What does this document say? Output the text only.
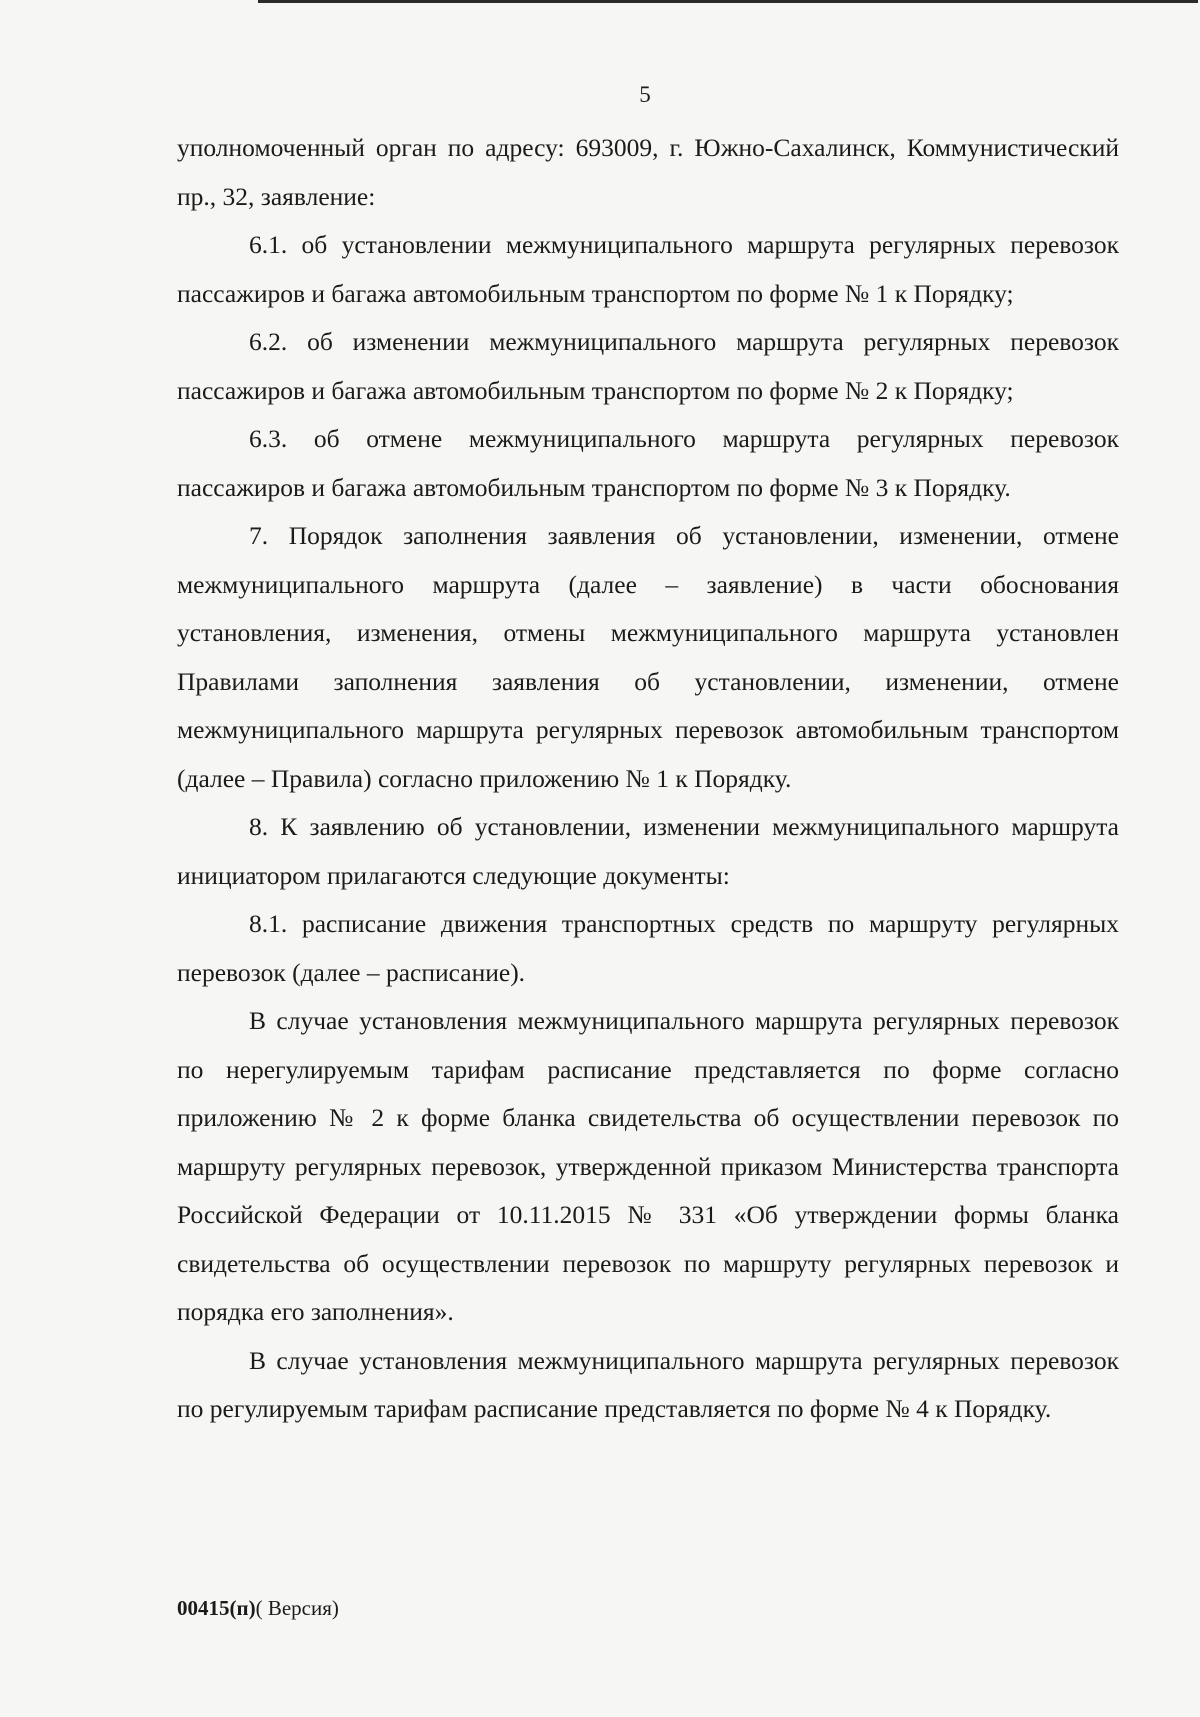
5

уполномоченный орган по адресу: 693009, г. Южно-Сахалинск, Коммунистический пр., 32, заявление:

6.1. об установлении межмуниципального маршрута регулярных перевозок пассажиров и багажа автомобильным транспортом по форме № 1 к Порядку;

6.2. об изменении межмуниципального маршрута регулярных перевозок пассажиров и багажа автомобильным транспортом по форме № 2 к Порядку;

6.3. об отмене межмуниципального маршрута регулярных перевозок пассажиров и багажа автомобильным транспортом по форме № 3 к Порядку.

7. Порядок заполнения заявления об установлении, изменении, отмене межмуниципального маршрута (далее – заявление) в части обоснования установления, изменения, отмены межмуниципального маршрута установлен Правилами заполнения заявления об установлении, изменении, отмене межмуниципального маршрута регулярных перевозок автомобильным транспортом (далее – Правила) согласно приложению № 1 к Порядку.

8. К заявлению об установлении, изменении межмуниципального маршрута инициатором прилагаются следующие документы:

8.1. расписание движения транспортных средств по маршруту регулярных перевозок (далее – расписание).

В случае установления межмуниципального маршрута регулярных перевозок по нерегулируемым тарифам расписание представляется по форме согласно приложению № 2 к форме бланка свидетельства об осуществлении перевозок по маршруту регулярных перевозок, утвержденной приказом Министерства транспорта Российской Федерации от 10.11.2015 № 331 «Об утверждении формы бланка свидетельства об осуществлении перевозок по маршруту регулярных перевозок и порядка его заполнения».

В случае установления межмуниципального маршрута регулярных перевозок по регулируемым тарифам расписание представляется по форме № 4 к Порядку.

00415(п)( Версия)
